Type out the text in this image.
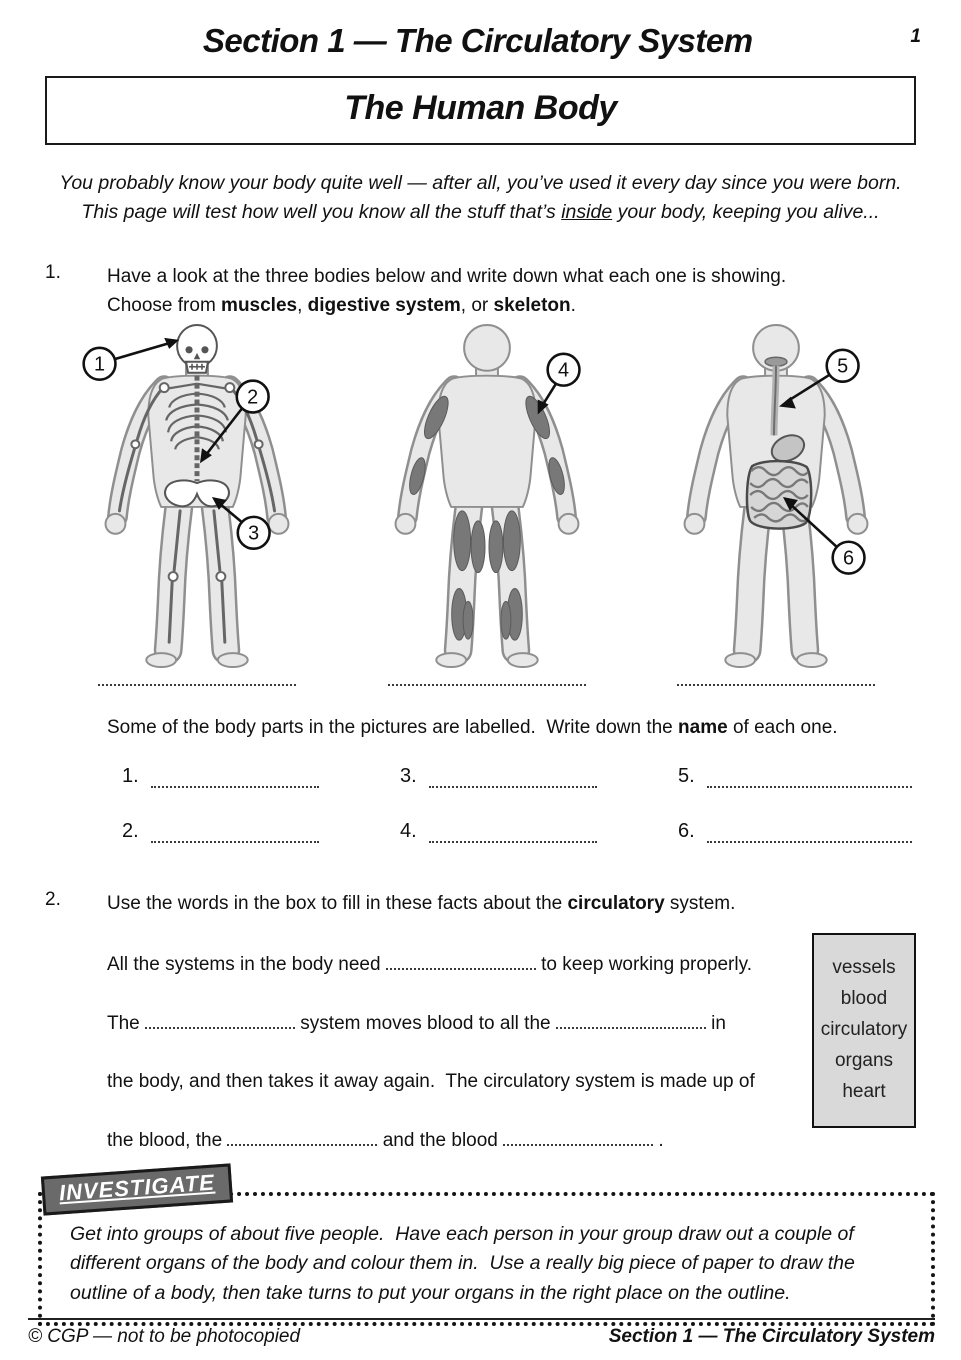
Section 1 — The Circulatory System	1
The Human Body
You probably know your body quite well — after all, you’ve used it every day since you were born.
This page will test how well you know all the stuff that’s inside your body, keeping you alive...
1.	Have a look at the three bodies below and write down what each one is showing.
Choose from muscles, digestive system, or skeleton.
1
2
3
4	5
6
Some of the body parts in the pictures are labelled.  Write down the name of each one.
1.	3.	5.
2.	4.	6.
2.	Use the words in the box to fill in these facts about the circulatory system.
All the systems in the body need	to keep working properly.
The	system moves blood to all the	in
the body, and then takes it away again.  The circulatory system is made up of
the blood, the	and the blood	.
vessels
blood
circulatory
organs
heart
INVESTIGATE
Get into groups of about five people.  Have each person in your group draw out a couple of different organs of the body and colour them in.  Use a really big piece of paper to draw the outline of a body, then take turns to put your organs in the right place on the outline.
© CGP — not to be photocopied	Section 1 — The Circulatory System
